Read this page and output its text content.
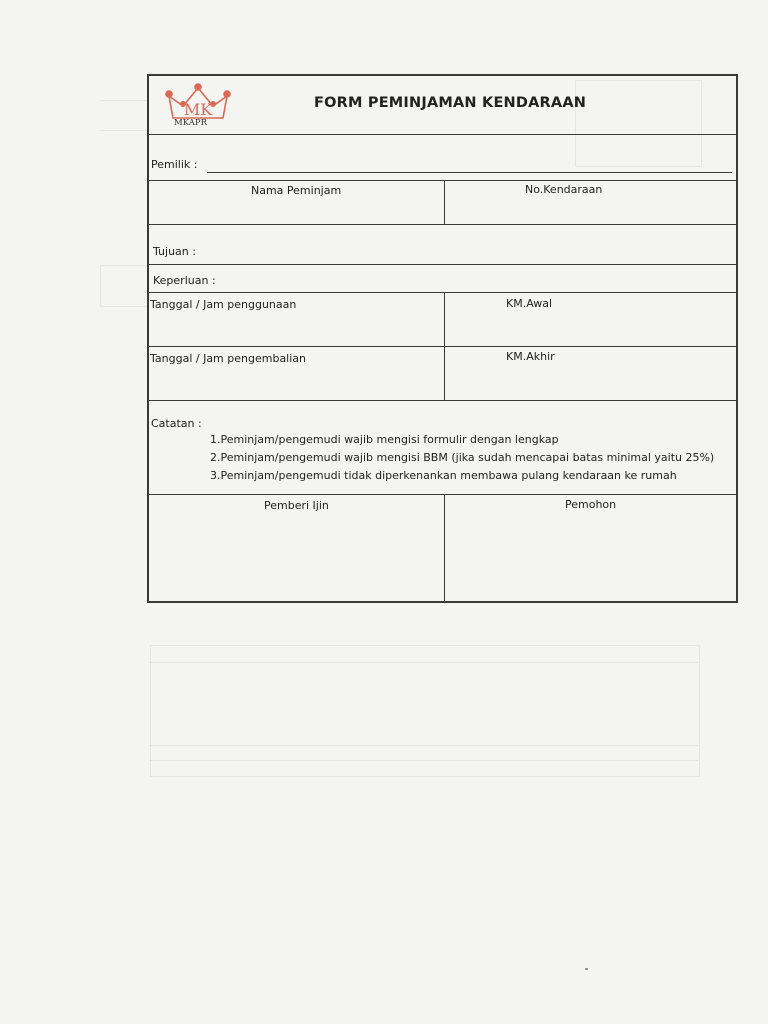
MK
MKAPR
FORM PEMINJAMAN KENDARAAN
Pemilik :
Nama Peminjam	No.Kendaraan
Tujuan :
Keperluan :
Tanggal / Jam penggunaan	KM.Awal
Tanggal / Jam pengembalian	KM.Akhir
Catatan :
1.Peminjam/pengemudi wajib mengisi formulir dengan lengkap
2.Peminjam/pengemudi wajib mengisi BBM (jika sudah mencapai batas minimal yaitu 25%)
3.Peminjam/pengemudi tidak diperkenankan membawa pulang kendaraan ke rumah
Pemberi Ijin	Pemohon
